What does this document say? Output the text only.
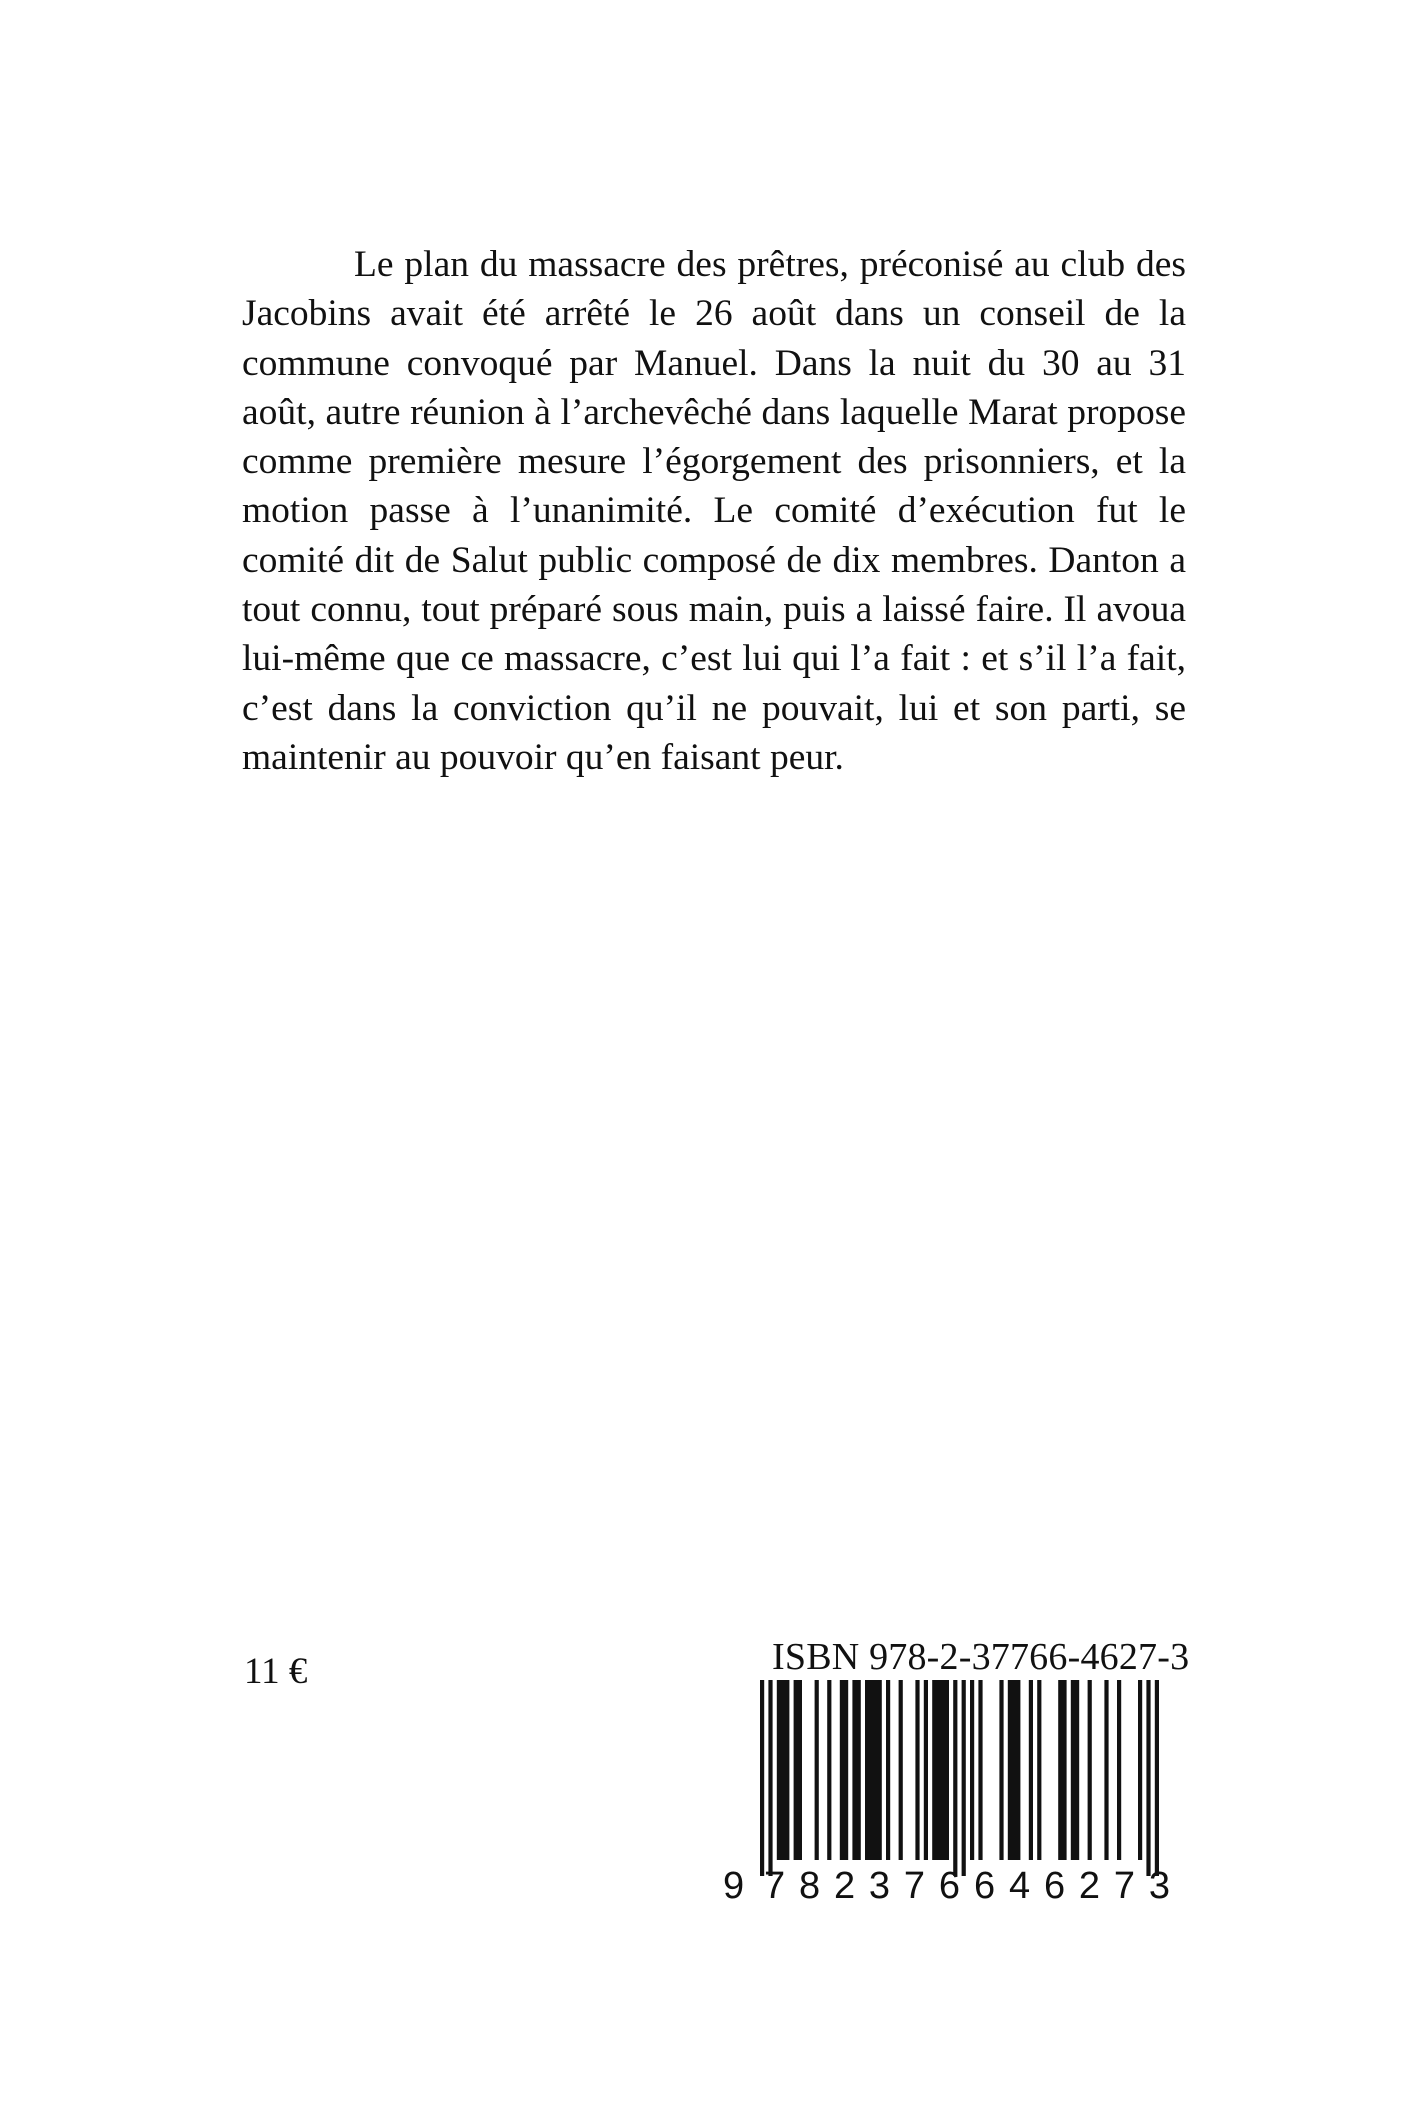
Le plan du massacre des prêtres, préconisé au club des Jacobins avait été arrêté le 26 août dans un conseil de la commune convoqué par Manuel. Dans la nuit du 30 au 31 août, autre réunion à l’archevêché dans laquelle Marat propose comme première mesure l’égorgement des prisonniers, et la motion passe à l’unanimité. Le comité d’exécution fut le comité dit de Salut public composé de dix membres. Danton a tout connu, tout préparé sous main, puis a laissé faire. Il avoua lui-même que ce massacre, c’est lui qui l’a fait : et s’il l’a fait, c’est dans la conviction qu’il ne pouvait, lui et son parti, se maintenir au pouvoir qu’en faisant peur.

11 €	ISBN 978-2-37766-4627-3
9 782376 646273
